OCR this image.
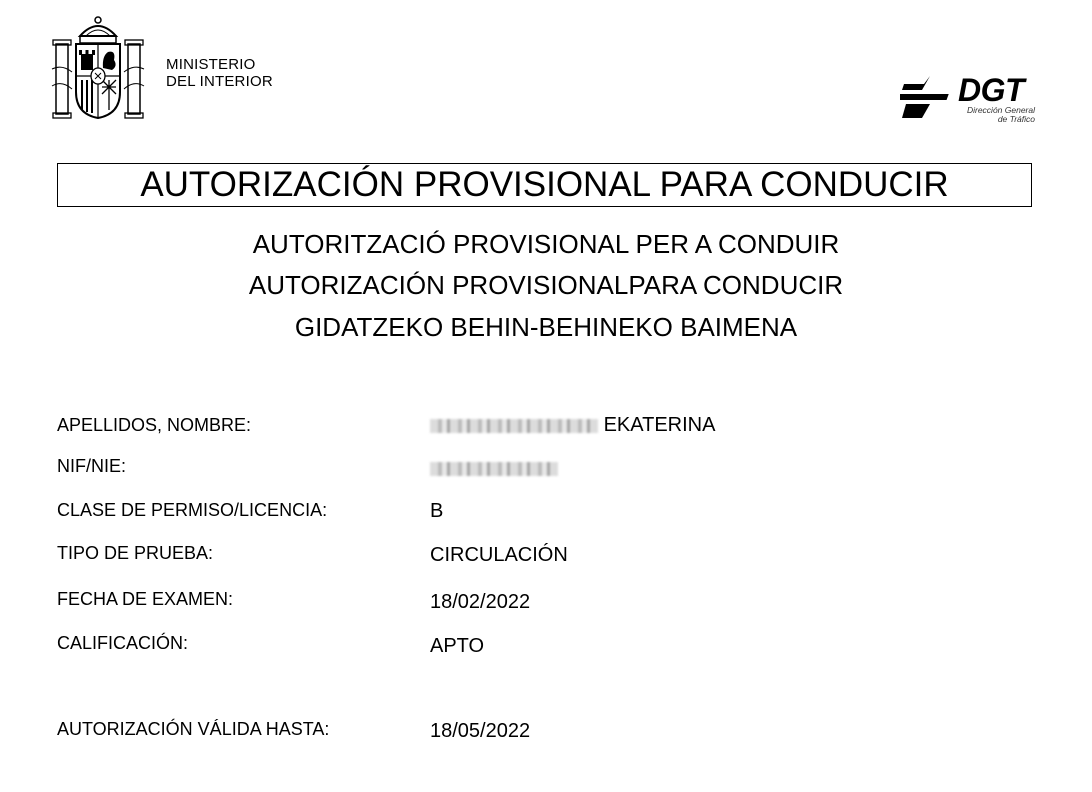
MINISTERIO
DEL INTERIOR	DGT
Dirección General
de Tráfico
AUTORIZACIÓN PROVISIONAL PARA CONDUCIR
AUTORITZACIÓ PROVISIONAL PER A CONDUIR
AUTORIZACIÓN PROVISIONALPARA CONDUCIR
GIDATZEKO BEHIN-BEHINEKO BAIMENA
APELLIDOS, NOMBRE:	EKATERINA
NIF/NIE:
CLASE DE PERMISO/LICENCIA:	B
TIPO DE PRUEBA:	CIRCULACIÓN
FECHA DE EXAMEN:	18/02/2022
CALIFICACIÓN:	APTO
AUTORIZACIÓN VÁLIDA HASTA:	18/05/2022
